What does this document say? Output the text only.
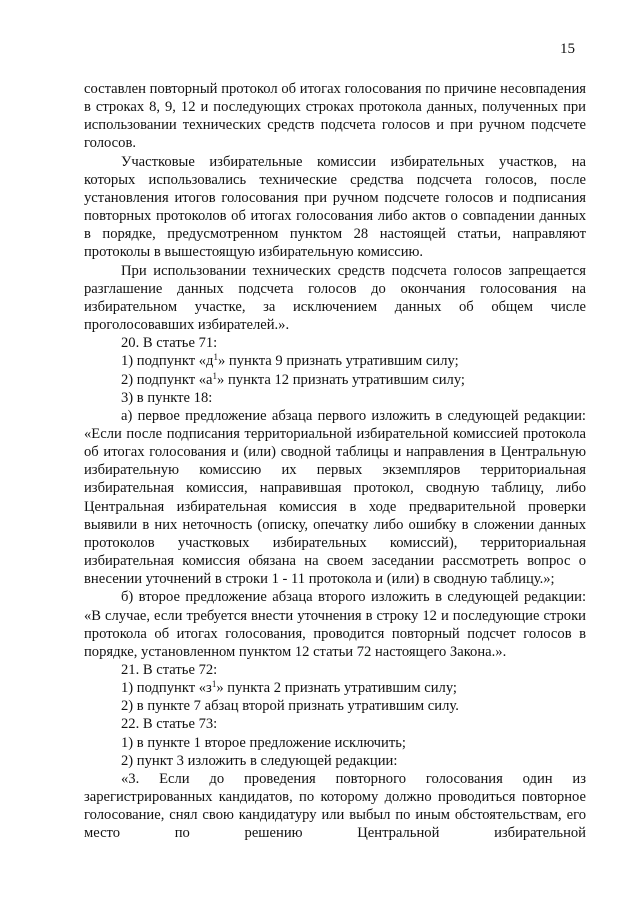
15

составлен повторный протокол об итогах голосования по причине несовпадения в строках 8, 9, 12 и последующих строках протокола данных, полученных при использовании технических средств подсчета голосов и при ручном подсчете голосов.

Участковые избирательные комиссии избирательных участков, на которых использовались технические средства подсчета голосов, после установления итогов голосования при ручном подсчете голосов и подписания повторных протоколов об итогах голосования либо актов о совпадении данных в порядке, предусмотренном пунктом 28 настоящей статьи, направляют протоколы в вышестоящую избирательную комиссию.

При использовании технических средств подсчета голосов запрещается разглашение данных подсчета голосов до окончания голосования на избирательном участке, за исключением данных об общем числе проголосовавших избирателей.».

20. В статье 71:

1) подпункт «$д^1$» пункта 9 признать утратившим силу;

2) подпункт «$а^1$» пункта 12 признать утратившим силу;

3) в пункте 18:

а) первое предложение абзаца первого изложить в следующей редакции: «Если после подписания территориальной избирательной комиссией протокола об итогах голосования и (или) сводной таблицы и направления в Центральную избирательную комиссию их первых экземпляров территориальная избирательная комиссия, направившая протокол, сводную таблицу, либо Центральная избирательная комиссия в ходе предварительной проверки выявили в них неточность (описку, опечатку либо ошибку в сложении данных протоколов участковых избирательных комиссий), территориальная избирательная комиссия обязана на своем заседании рассмотреть вопрос о внесении уточнений в строки 1 - 11 протокола и (или) в сводную таблицу.»;

б) второе предложение абзаца второго изложить в следующей редакции: «В случае, если требуется внести уточнения в строку 12 и последующие строки протокола об итогах голосования, проводится повторный подсчет голосов в порядке, установленном пунктом 12 статьи 72 настоящего Закона.».

21. В статье 72:

1) подпункт «$з^1$» пункта 2 признать утратившим силу;

2) в пункте 7 абзац второй признать утратившим силу.

22. В статье 73:

1) в пункте 1 второе предложение исключить;

2) пункт 3 изложить в следующей редакции:

«3. Если до проведения повторного голосования один из зарегистрированных кандидатов, по которому должно проводиться повторное голосование, снял свою кандидатуру или выбыл по иным обстоятельствам, его место по решению Центральной избирательной
